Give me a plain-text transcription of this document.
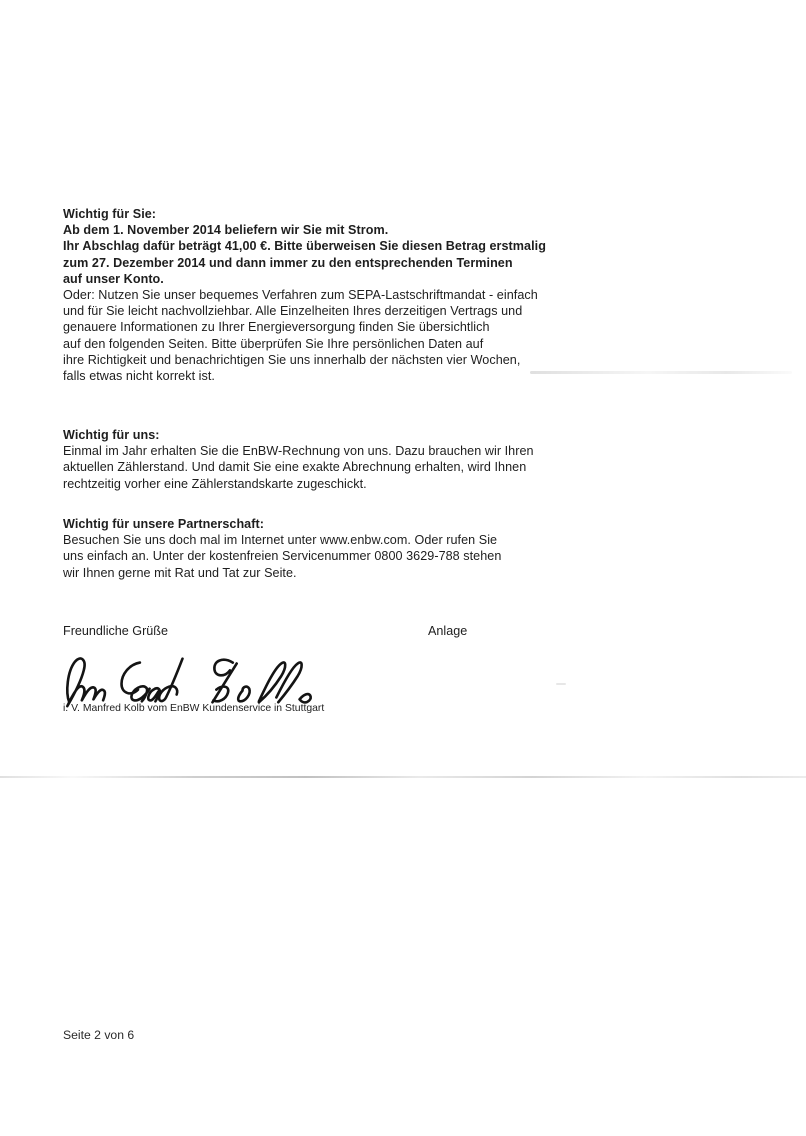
Wichtig für Sie:
Ab dem 1. November 2014 beliefern wir Sie mit Strom.
Ihr Abschlag dafür beträgt 41,00 €. Bitte überweisen Sie diesen Betrag erstmalig
zum 27. Dezember 2014 und dann immer zu den entsprechenden Terminen
auf unser Konto.
Oder: Nutzen Sie unser bequemes Verfahren zum SEPA-Lastschriftmandat - einfach
und für Sie leicht nachvollziehbar. Alle Einzelheiten Ihres derzeitigen Vertrags und
genauere Informationen zu Ihrer Energieversorgung finden Sie übersichtlich
auf den folgenden Seiten. Bitte überprüfen Sie Ihre persönlichen Daten auf
ihre Richtigkeit und benachrichtigen Sie uns innerhalb der nächsten vier Wochen,
falls etwas nicht korrekt ist.
Wichtig für uns:
Einmal im Jahr erhalten Sie die EnBW-Rechnung von uns. Dazu brauchen wir Ihren
aktuellen Zählerstand. Und damit Sie eine exakte Abrechnung erhalten, wird Ihnen
rechtzeitig vorher eine Zählerstandskarte zugeschickt.
Wichtig für unsere Partnerschaft:
Besuchen Sie uns doch mal im Internet unter www.enbw.com. Oder rufen Sie
uns einfach an. Unter der kostenfreien Servicenummer 0800 3629-788 stehen
wir Ihnen gerne mit Rat und Tat zur Seite.
Freundliche Grüße	Anlage
i. V. Manfred Kolb vom EnBW Kundenservice in Stuttgart
Seite 2 von 6
